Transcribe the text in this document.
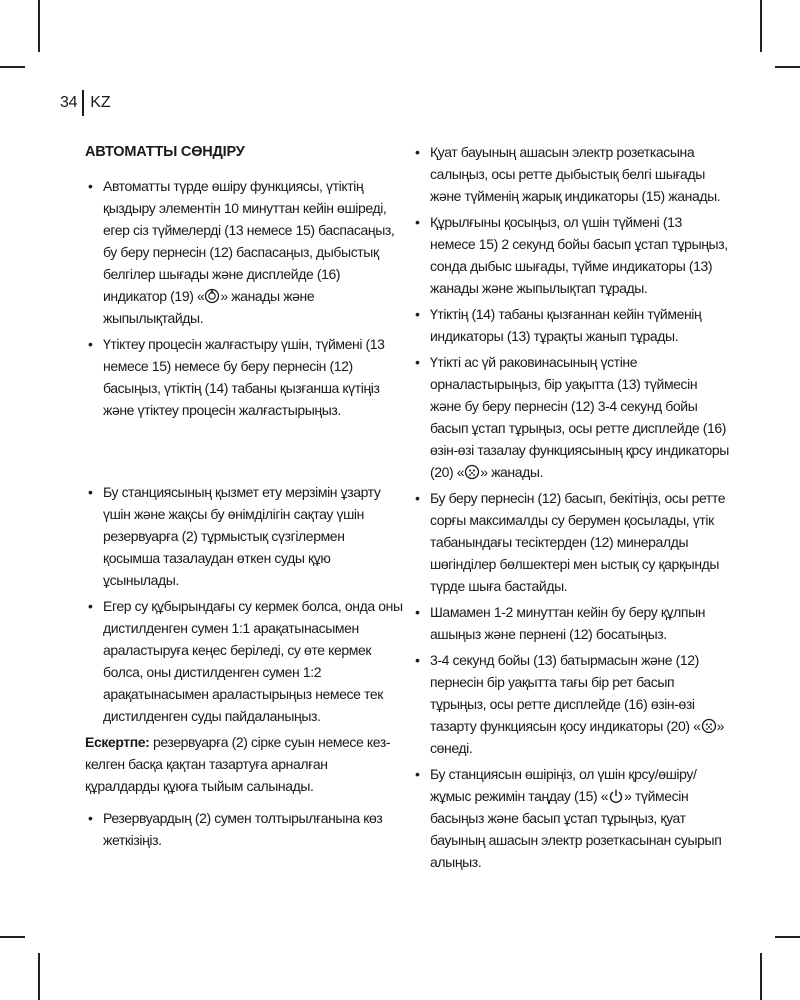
34 KZ
АВТОМАТТЫ СӨНДІРУ
• Автоматты түрде өшіру функциясы, үтіктің қыздыру элементін 10 минуттан кейін өшіреді, егер сіз түймелерді (13 немесе 15) баспасаңыз, бу беру пернесін (12) баспасаңыз, дыбыстық белгілер шығады және дисплейде (16) индикатор (19) « » жанады және жыпылықтайды.
• Үтіктеу процесін жалғастыру үшін, түймені (13 немесе 15) немесе бу беру пернесін (12) басыңыз, үтіктің (14) табаны қызғанша күтіңіз және үтіктеу процесін жалғастырыңыз.
• Бу станциясының қызмет ету мерзімін ұзарту үшін және жақсы бу өнімділігін сақтау үшін резервуарға (2) тұрмыстық сүзгілермен қосымша тазалаудан өткен суды құю ұсынылады.
• Егер су құбырындағы су кермек болса, онда оны дистилденген сумен 1:1 арақатынасымен араластыруға кеңес беріледі, су өте кермек болса, оны дистилденген сумен 1:2 арақатынасымен араластырыңыз немесе тек дистилденген суды пайдаланыңыз.
Ескертпе: резервуарға (2) сірке суын немесе кез-келген басқа қақтан тазартуға арналған құралдарды құюға тыйым салынады.
• Резервуардың (2) сумен толтырылғанына көз жеткізіңіз.
• Қуат бауының ашасын электр розеткасына салыңыз, осы ретте дыбыстық белгі шығады және түйменің жарық индикаторы (15) жанады.
• Құрылғыны қосыңыз, ол үшін түймені (13 немесе 15) 2 секунд бойы басып ұстап тұрыңыз, сонда дыбыс шығады, түйме индикаторы (13) жанады және жыпылықтап тұрады.
• Үтіктің (14) табаны қызғаннан кейін түйменің индикаторы (13) тұрақты жанып тұрады.
• Үтікті ас үй раковинасының үстіне орналастырыңыз, бір уақытта (13) түймесін және бу беру пернесін (12) 3-4 секунд бойы басып ұстап тұрыңыз, осы ретте дисплейде (16) өзін-өзі тазалау функциясының қрсу индикаторы (20) « » жанады.
• Бу беру пернесін (12) басып, бекітіңіз, осы ретте сорғы максималды су берумен қосылады, үтік табанындағы тесіктерден (12) минералды шөгінділер бөлшектері мен ыстық су қарқынды түрде шыға бастайды.
• Шамамен 1-2 минуттан кейін бу беру құлпын ашыңыз және пернені (12) босатыңыз.
• 3-4 секунд бойы (13) батырмасын және (12) пернесін бір уақытта тағы бір рет басып тұрыңыз, осы ретте дисплейде (16) өзін-өзі тазарту функциясын қосу индикаторы (20) « » сөнеді.
• Бу станциясын өшіріңіз, ол үшін қрсу/өшіру/жұмыс режимін таңдау (15) « » түймесін басыңыз және басып ұстап тұрыңыз, қуат бауының ашасын электр розеткасынан суырып алыңыз.
